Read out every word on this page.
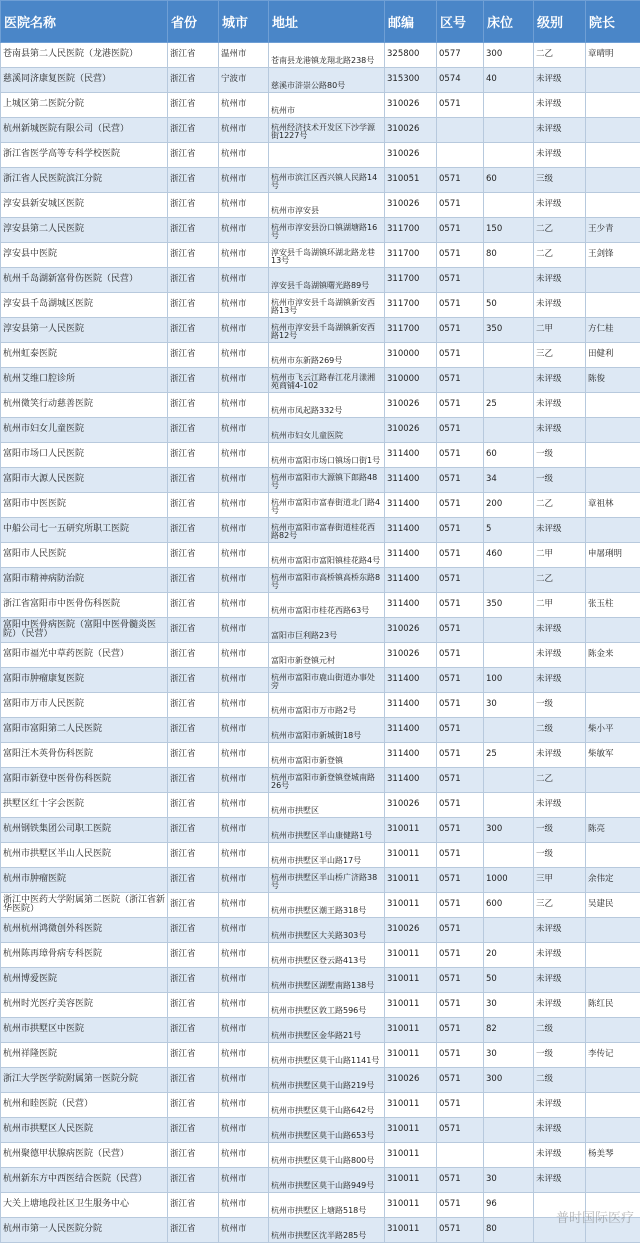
医院名称	省份	城市	地址	邮编	区号	床位	级别	院长
苍南县第二人民医院（龙港医院）	浙江省	温州市	苍南县龙港镇龙翔北路238号	325800	0577	300	二乙	章晴明
慈溪同济康复医院（民营）	浙江省	宁波市	慈溪市浒崇公路80号	315300	0574	40	未评级	
上城区第二医院分院	浙江省	杭州市	杭州市	310026	0571		未评级	
杭州新城医院有限公司（民营）	浙江省	杭州市	杭州经济技术开发区下沙学源街1227号	310026			未评级	
浙江省医学高等专科学校医院	浙江省	杭州市		310026			未评级	
浙江省人民医院滨江分院	浙江省	杭州市	杭州市滨江区西兴镇人民路14号	310051	0571	60	三级	
淳安县新安城区医院	浙江省	杭州市	杭州市淳安县	310026	0571		未评级	
淳安县第二人民医院	浙江省	杭州市	杭州市淳安县汾口镇湖塘路16号	311700	0571	150	二乙	王少青
淳安县中医院	浙江省	杭州市	淳安县千岛湖镇环湖北路龙巷13号	311700	0571	80	二乙	王剑锋
杭州千岛湖新富骨伤医院（民营）	浙江省	杭州市	淳安县千岛湖镇曙光路89号	311700	0571		未评级	
淳安县千岛湖城区医院	浙江省	杭州市	杭州市淳安县千岛湖镇新安西路13号	311700	0571	50	未评级	
淳安县第一人民医院	浙江省	杭州市	杭州市淳安县千岛湖镇新安西路12号	311700	0571	350	二甲	方仁桂
杭州虹泰医院	浙江省	杭州市	杭州市东新路269号	310000	0571		三乙	田健利
杭州艾维口腔诊所	浙江省	杭州市	杭州市飞云江路春江花月漾湘苑商铺4-102	310000	0571		未评级	陈俊
杭州微笑行动慈善医院	浙江省	杭州市	杭州市凤起路332号	310026	0571	25	未评级	
杭州市妇女儿童医院	浙江省	杭州市	杭州市妇女儿童医院	310026	0571		未评级	
富阳市场口人民医院	浙江省	杭州市	杭州市富阳市场口镇场口街1号	311400	0571	60	一级	
富阳市大源人民医院	浙江省	杭州市	杭州市富阳市大源镇下郎路48号	311400	0571	34	一级	
富阳市中医医院	浙江省	杭州市	杭州市富阳市富春街道北门路4号	311400	0571	200	二乙	章祖林
中船公司七一五研究所职工医院	浙江省	杭州市	杭州市富阳市富春街道桂花西路82号	311400	0571	5	未评级	
富阳市人民医院	浙江省	杭州市	杭州市富阳市富阳镇桂花路4号	311400	0571	460	二甲	申屠琍明
富阳市精神病防治院	浙江省	杭州市	杭州市富阳市高桥镇高桥东路8号	311400	0571		二乙	
浙江省富阳市中医骨伤科医院	浙江省	杭州市	杭州市富阳市桂花西路63号	311400	0571	350	二甲	张玉柱
富阳中医骨病医院（富阳中医骨髓炎医院）（民营）	浙江省	杭州市	富阳市巨利路23号	310026	0571		未评级	
富阳市福光中草药医院（民营）	浙江省	杭州市	富阳市新登镇元村	310026	0571		未评级	陈金来
富阳市肿瘤康复医院	浙江省	杭州市	杭州市富阳市鹿山街道办事处旁	311400	0571	100	未评级	
富阳市万市人民医院	浙江省	杭州市	杭州市富阳市万市路2号	311400	0571	30	一级	
富阳市富阳第二人民医院	浙江省	杭州市	杭州市富阳市新城街18号	311400	0571		二级	柴小平
富阳汪木英骨伤科医院	浙江省	杭州市	杭州市富阳市新登镇	311400	0571	25	未评级	柴敏军
富阳市新登中医骨伤科医院	浙江省	杭州市	杭州市富阳市新登镇登城南路26号	311400	0571		二乙	
拱墅区红十字会医院	浙江省	杭州市	杭州市拱墅区	310026	0571		未评级	
杭州钢铁集团公司职工医院	浙江省	杭州市	杭州市拱墅区半山康健路1号	310011	0571	300	一级	陈亮
杭州市拱墅区半山人民医院	浙江省	杭州市	杭州市拱墅区半山路17号	310011	0571		一级	
杭州市肿瘤医院	浙江省	杭州市	杭州市拱墅区半山桥广济路38号	310011	0571	1000	三甲	余伟定
浙江中医药大学附属第二医院（浙江省新华医院）	浙江省	杭州市	杭州市拱墅区潮王路318号	310011	0571	600	三乙	吴建民
杭州杭州鸿微创外科医院	浙江省	杭州市	杭州市拱墅区大关路303号	310026	0571		未评级	
杭州陈再璋骨病专科医院	浙江省	杭州市	杭州市拱墅区登云路413号	310011	0571	20	未评级	
杭州博爱医院	浙江省	杭州市	杭州市拱墅区湖墅南路138号	310011	0571	50	未评级	
杭州时光医疗美容医院	浙江省	杭州市	杭州市拱墅区敦工路596号	310011	0571	30	未评级	陈红民
杭州市拱墅区中医院	浙江省	杭州市	杭州市拱墅区金华路21号	310011	0571	82	二级	
杭州祥隆医院	浙江省	杭州市	杭州市拱墅区莫干山路1141号	310011	0571	30	一级	李传记
浙江大学医学院附属第一医院分院	浙江省	杭州市	杭州市拱墅区莫干山路219号	310026	0571	300	二级	
杭州和睦医院（民营）	浙江省	杭州市	杭州市拱墅区莫干山路642号	310011	0571		未评级	
杭州市拱墅区人民医院	浙江省	杭州市	杭州市拱墅区莫干山路653号	310011	0571		未评级	
杭州聚德甲状腺病医院（民营）	浙江省	杭州市	杭州市拱墅区莫干山路800号	310011			未评级	杨美琴
杭州新东方中西医结合医院（民营）	浙江省	杭州市	杭州市拱墅区莫干山路949号	310011	0571	30	未评级	
大关上塘地段社区卫生服务中心	浙江省	杭州市	杭州市拱墅区上塘路518号	310011	0571	96		
杭州市第一人民医院分院	浙江省	杭州市	杭州市拱墅区沈半路285号	310011	0571	80		
普时国际医疗
